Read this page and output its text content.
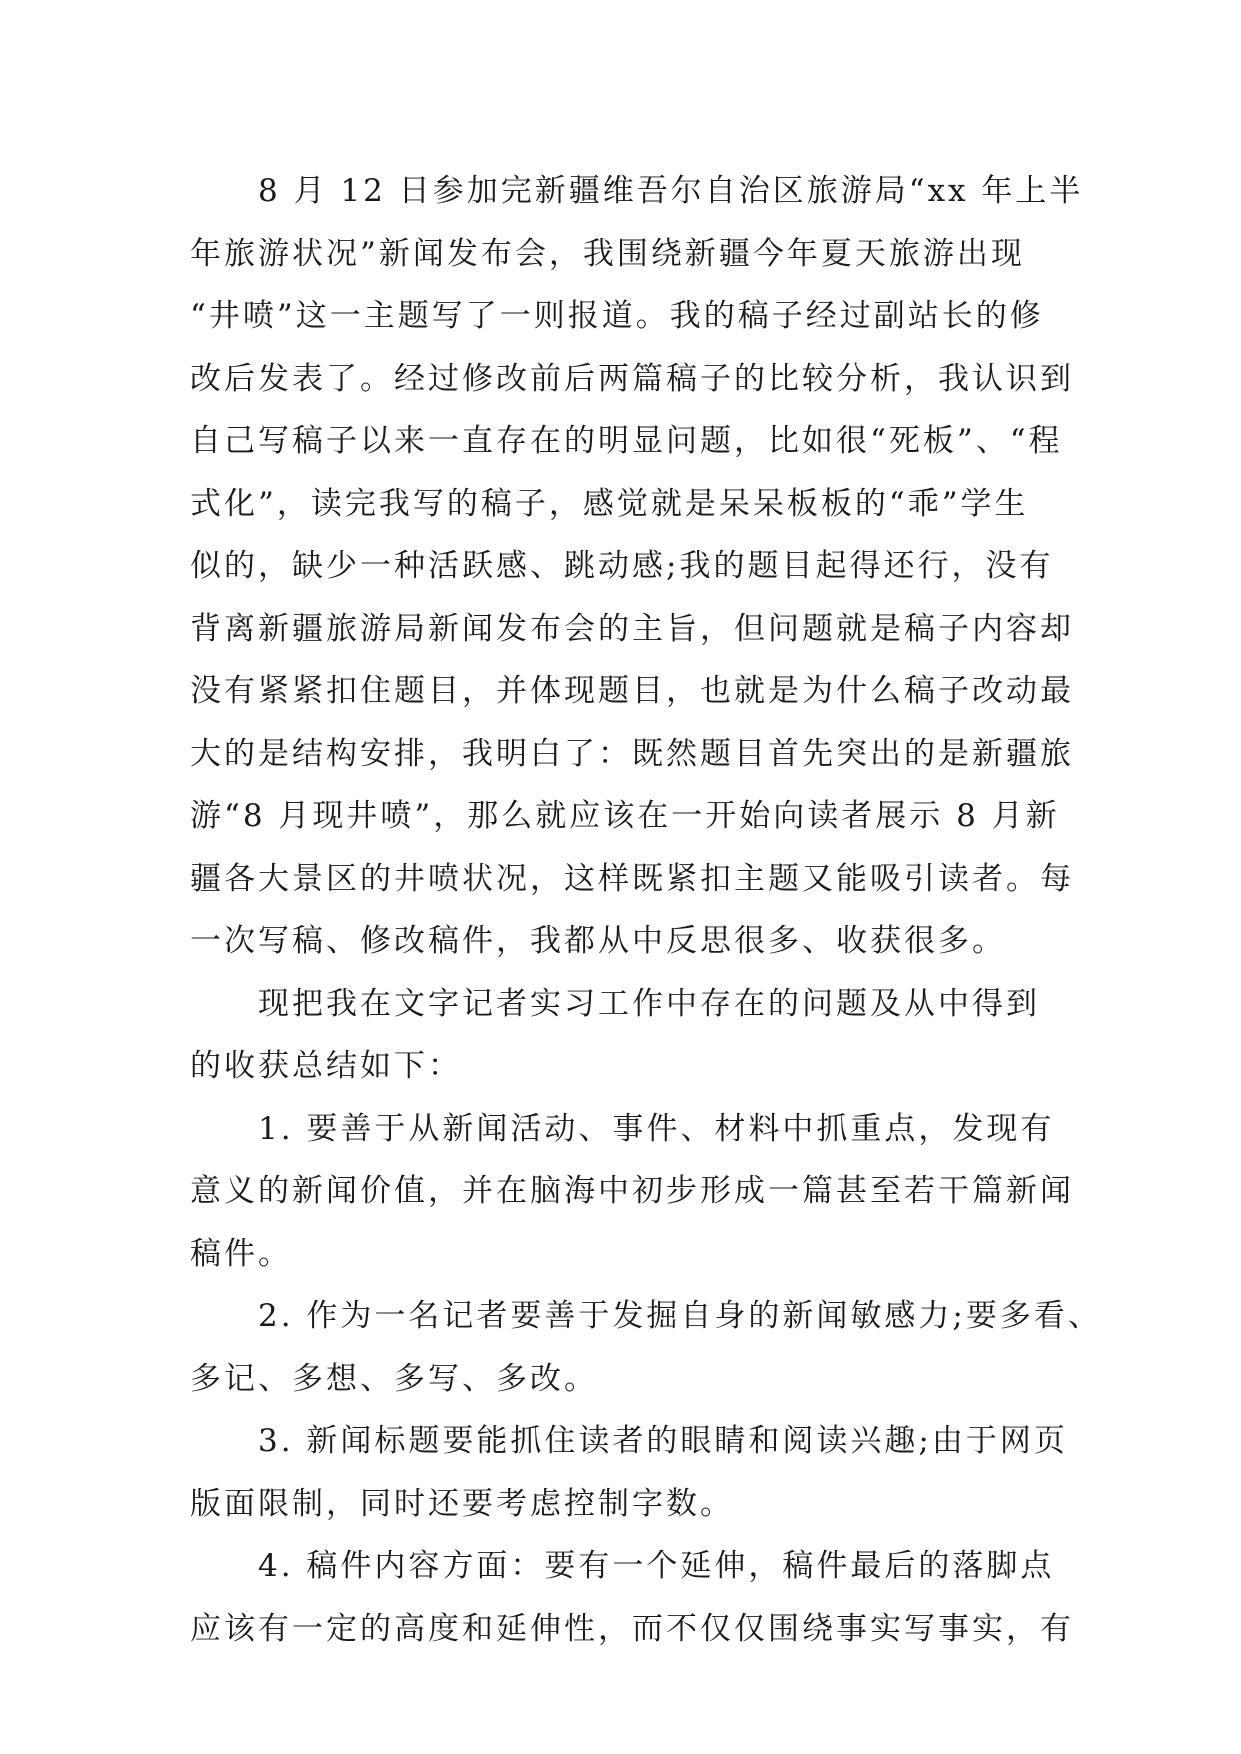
　　8 月 12 日参加完新疆维吾尔自治区旅游局“xx 年上半
年旅游状况”新闻发布会，我围绕新疆今年夏天旅游出现
“井喷”这一主题写了一则报道。我的稿子经过副站长的修
改后发表了。经过修改前后两篇稿子的比较分析，我认识到
自己写稿子以来一直存在的明显问题，比如很“死板”、“程
式化”，读完我写的稿子，感觉就是呆呆板板的“乖”学生
似的，缺少一种活跃感、跳动感;我的题目起得还行，没有
背离新疆旅游局新闻发布会的主旨，但问题就是稿子内容却
没有紧紧扣住题目，并体现题目，也就是为什么稿子改动最
大的是结构安排，我明白了：既然题目首先突出的是新疆旅
游“8 月现井喷”，那么就应该在一开始向读者展示 8 月新
疆各大景区的井喷状况，这样既紧扣主题又能吸引读者。每
一次写稿、修改稿件，我都从中反思很多、收获很多。
　　现把我在文字记者实习工作中存在的问题及从中得到
的收获总结如下：
　　1. 要善于从新闻活动、事件、材料中抓重点，发现有
意义的新闻价值，并在脑海中初步形成一篇甚至若干篇新闻
稿件。
　　2. 作为一名记者要善于发掘自身的新闻敏感力;要多看、
多记、多想、多写、多改。
　　3. 新闻标题要能抓住读者的眼睛和阅读兴趣;由于网页
版面限制，同时还要考虑控制字数。
　　4. 稿件内容方面：要有一个延伸，稿件最后的落脚点
应该有一定的高度和延伸性，而不仅仅围绕事实写事实，有
